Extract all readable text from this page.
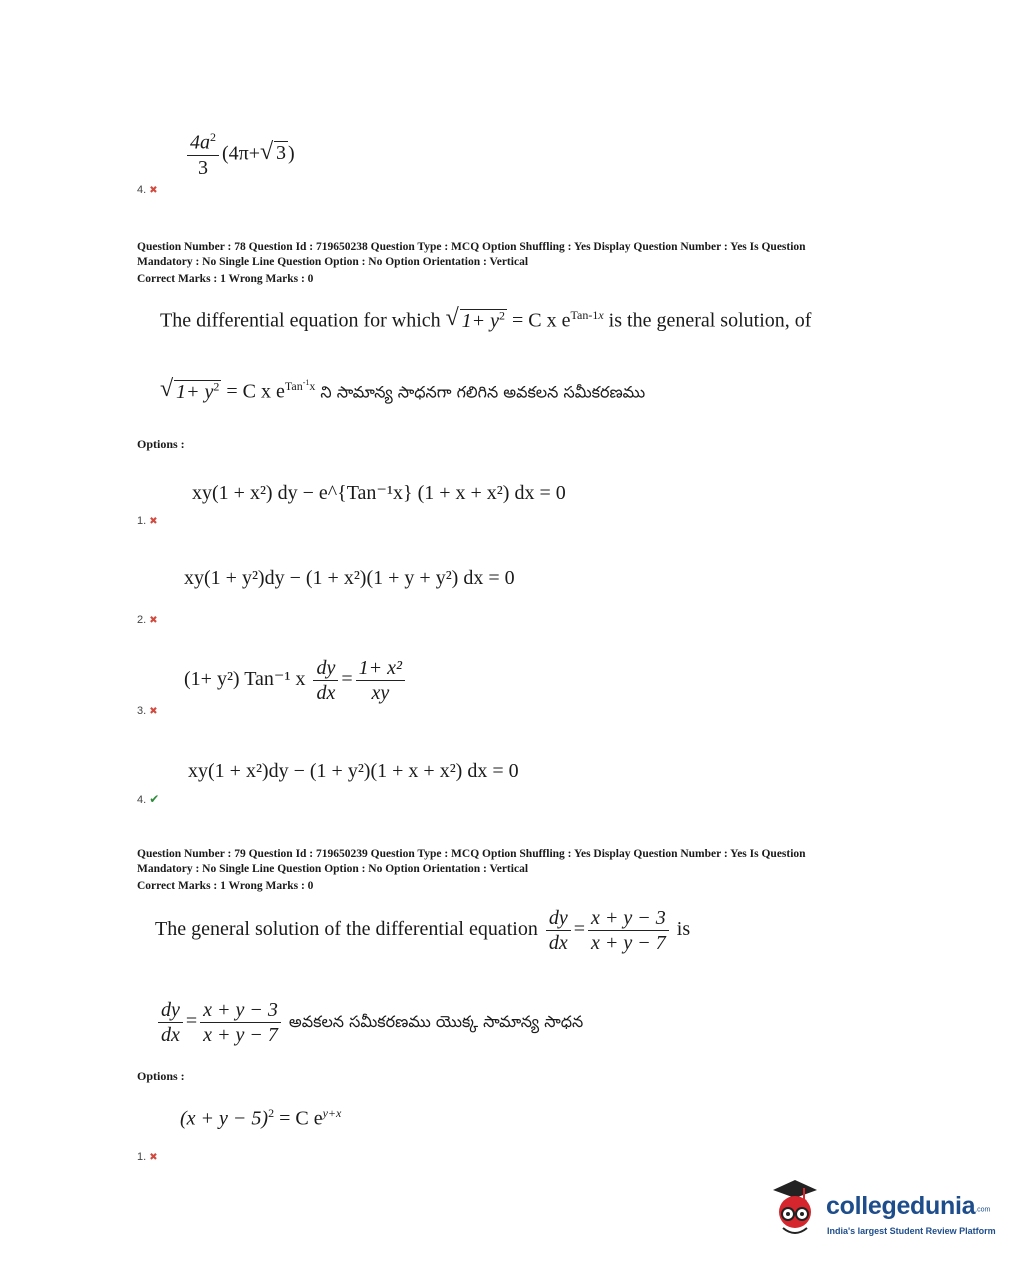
$\frac{4a^2}{3} (4\pi+$ √ 3 )
4. ✖
Question Number : 78 Question Id : 719650238 Question Type : MCQ Option Shuffling : Yes Display Question Number : Yes Is Question
Mandatory : No Single Line Question Option : No Option Orientation : Vertical
Correct Marks : 1 Wrong Marks : 0
The differential equation for which √ $1+ y^2 = C$ x $e^{Tan-1x}$ is the general solution, of
√ $1+ y^2 = C$ x $e^{Tan^{-1}x}$ ని సామాన్య సాధనగా గలిగిన అవకలన సమీకరణము
Options :
xy(1 + x²) dy − e^{Tan⁻¹x} (1 + x + x²) dx = 0
1. ✖
xy(1 + y²)dy − (1 + x²)(1 + y + y²) dx = 0
2. ✖
(1+ y²) Tan⁻¹ x $\frac{dy}{dx} = \frac{\text{1+ x²}}{xy}$
3. ✖
xy(1 + x²)dy − (1 + y²)(1 + x + x²) dx = 0
4. ✔
Question Number : 79 Question Id : 719650239 Question Type : MCQ Option Shuffling : Yes Display Question Number : Yes Is Question
Mandatory : No Single Line Question Option : No Option Orientation : Vertical
Correct Marks : 1 Wrong Marks : 0
The general solution of the differential equation $\frac{dy}{dx} = \frac{x + y - 3}{x + y - 7}$ is
$\frac{dy}{dx} = \frac{x + y - 3}{x + y - 7}$ అవకలన సమీకరణము యొక్క సామాన్య సాధన
Options :
$(x + y - 5)^2 = C$ $e^{y+x}$
1. ✖
collegedunia.com
India's largest Student Review Platform
